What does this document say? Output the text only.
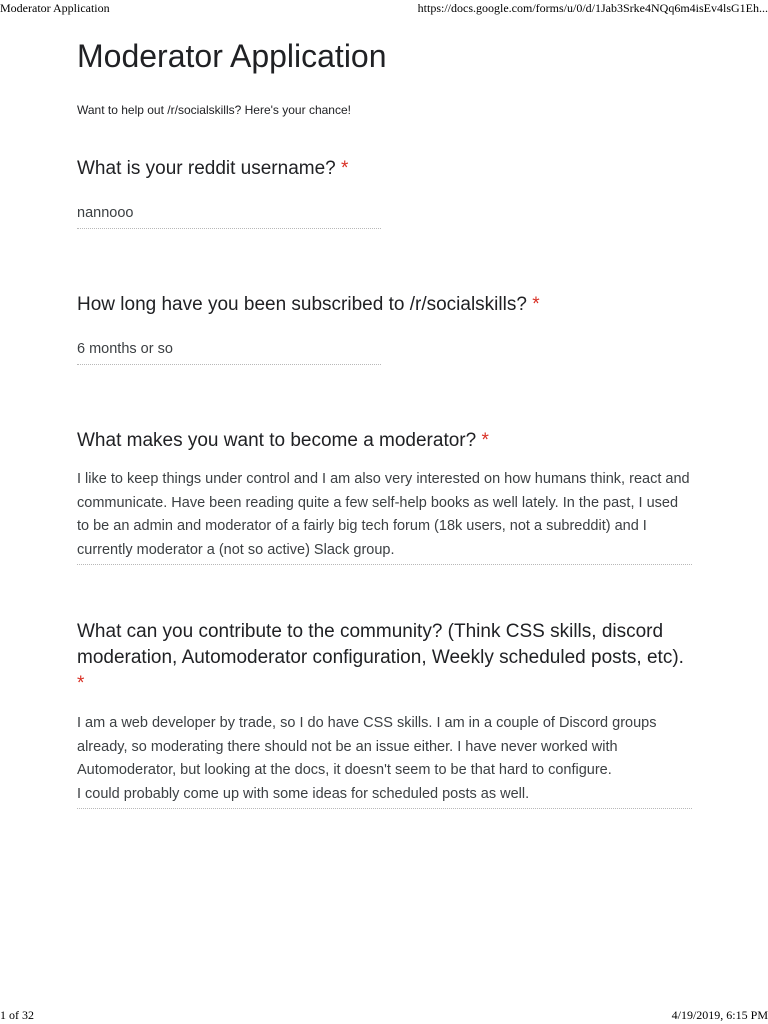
Moderator Application	https://docs.google.com/forms/u/0/d/1Jab3Srke4NQq6m4isEv4lsG1Eh...
Moderator Application
Want to help out /r/socialskills? Here's your chance!
What is your reddit username? *
nannooo
How long have you been subscribed to /r/socialskills? *
6 months or so
What makes you want to become a moderator? *
I like to keep things under control and I am also very interested on how humans think, react and communicate. Have been reading quite a few self-help books as well lately. In the past, I used to be an admin and moderator of a fairly big tech forum (18k users, not a subreddit) and I currently moderator a (not so active) Slack group.
What can you contribute to the community? (Think CSS skills, discord moderation, Automoderator configuration, Weekly scheduled posts, etc). *
I am a web developer by trade, so I do have CSS skills. I am in a couple of Discord groups already, so moderating there should not be an issue either. I have never worked with Automoderator, but looking at the docs, it doesn't seem to be that hard to configure.
I could probably come up with some ideas for scheduled posts as well.
1 of 32	4/19/2019, 6:15 PM
